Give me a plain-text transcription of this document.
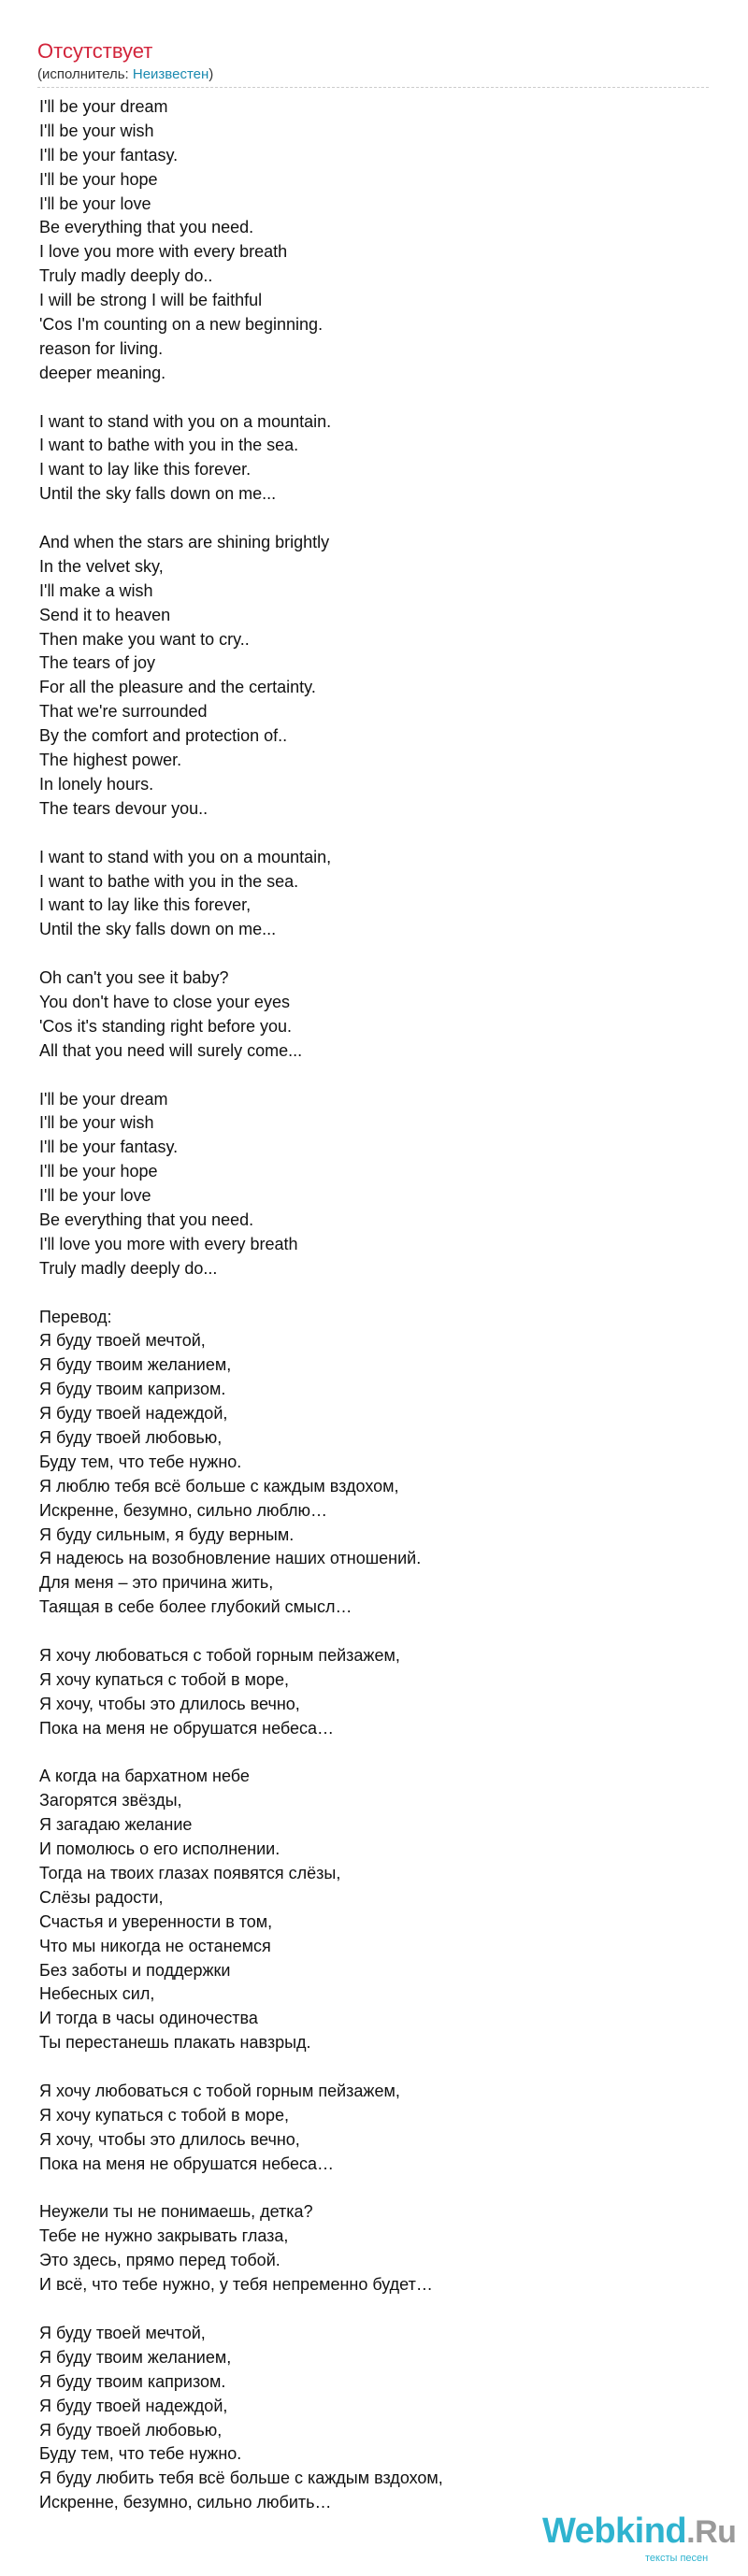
Отсутствует
(исполнитель: Неизвестен)
I'll be your dream
I'll be your wish
I'll be your fantasy.
I'll be your hope
I'll be your love
Be everything that you need.
I love you more with every breath
Truly madly deeply do..
I will be strong I will be faithful
'Cos I'm counting on a new beginning.
reason for living.
deeper meaning.
I want to stand with you on a mountain.
I want to bathe with you in the sea.
I want to lay like this forever.
Until the sky falls down on me...
And when the stars are shining brightly
In the velvet sky,
I'll make a wish
Send it to heaven
Then make you want to cry..
The tears of joy
For all the pleasure and the certainty.
That we're surrounded
By the comfort and protection of..
The highest power.
In lonely hours.
The tears devour you..
I want to stand with you on a mountain,
I want to bathe with you in the sea.
I want to lay like this forever,
Until the sky falls down on me...
Oh can't you see it baby?
You don't have to close your eyes
'Cos it's standing right before you.
All that you need will surely come...
I'll be your dream
I'll be your wish
I'll be your fantasy.
I'll be your hope
I'll be your love
Be everything that you need.
I'll love you more with every breath
Truly madly deeply do...
Перевод:
Я буду твоей мечтой,
Я буду твоим желанием,
Я буду твоим капризом.
Я буду твоей надеждой,
Я буду твоей любовью,
Буду тем, что тебе нужно.
Я люблю тебя всё больше с каждым вздохом,
Искренне, безумно, сильно люблю…
Я буду сильным, я буду верным.
Я надеюсь на возобновление наших отношений.
Для меня – это причина жить,
Таящая в себе более глубокий смысл…
Я хочу любоваться с тобой горным пейзажем,
Я хочу купаться с тобой в море,
Я хочу, чтобы это длилось вечно,
Пока на меня не обрушатся небеса…
А когда на бархатном небе
Загорятся звёзды,
Я загадаю желание
И помолюсь о его исполнении.
Тогда на твоих глазах появятся слёзы,
Слёзы радости,
Счастья и уверенности в том,
Что мы никогда не останемся
Без заботы и поддержки
Небесных сил,
И тогда в часы одиночества
Ты перестанешь плакать навзрыд.
Я хочу любоваться с тобой горным пейзажем,
Я хочу купаться с тобой в море,
Я хочу, чтобы это длилось вечно,
Пока на меня не обрушатся небеса…
Неужели ты не понимаешь, детка?
Тебе не нужно закрывать глаза,
Это здесь, прямо перед тобой.
И всё, что тебе нужно, у тебя непременно будет…
Я буду твоей мечтой,
Я буду твоим желанием,
Я буду твоим капризом.
Я буду твоей надеждой,
Я буду твоей любовью,
Буду тем, что тебе нужно.
Я буду любить тебя всё больше с каждым вздохом,
Искренне, безумно, сильно любить…
Webkind.Ru
тексты песен
